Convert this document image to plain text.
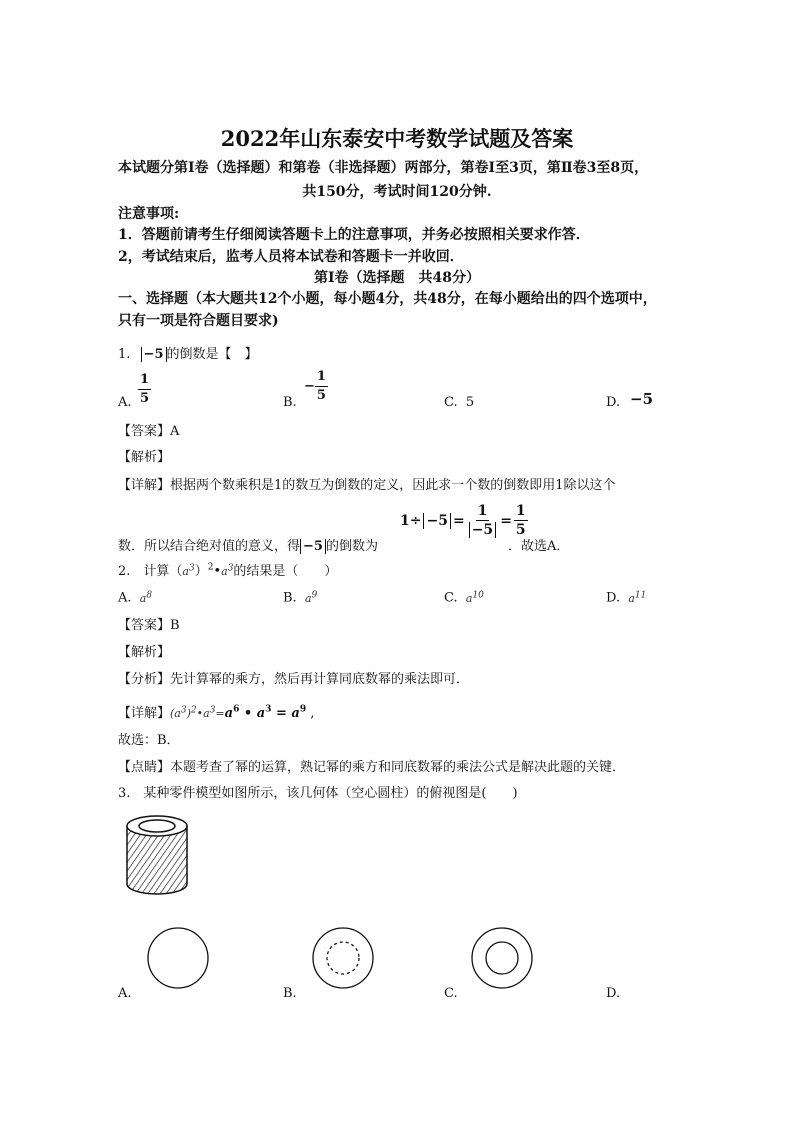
2022年山东泰安中考数学试题及答案
本试题分第Ⅰ卷（选择题）和第卷（非选择题）两部分，第卷Ⅰ至3页，第Ⅱ卷3至8页，
共150分，考试时间120分钟.
注意事项:
1．答题前请考生仔细阅读答题卡上的注意事项，并务必按照相关要求作答．
2，考试结束后，监考人员将本试卷和答题卡一并收回．
第Ⅰ卷（选择题　共48分）
一、选择题（本大题共12个小题，每小题4分，共48分，在每小题给出的四个选项中，
只有一项是符合题目要求)
1. −5 的倒数是【　】
A. $\frac{1}{5}$	B.
− $\frac{1}{5}$	C. 5	D. −5
【答案】A
【解析】
【详解】根据两个数乘积是1的数互为倒数的定义，因此求一个数的倒数即用1除以这个
数．所以结合绝对值的意义，得 −5 的倒数为
$1\div -5 = \frac{1}{-5} = \frac{1}{5}$
．故选A．
2.　计算$(a^3)^2•a^3$的结果是（　　）
A. $a^8$	B. $a^9$	C. $a^{10}$	D. $a^{11}$
【答案】B
【解析】
【分析】先计算幂的乘方，然后再计算同底数幂的乘法即可．
【详解】$(a^3)^2•a^3=a^6$ • $a^3 = a^9$ ,
故选：B．
【点睛】本题考查了幂的运算，熟记幂的乘方和同底数幂的乘法公式是解决此题的关键．
3.　某种零件模型如图所示，该几何体（空心圆柱）的俯视图是(　　)
A.	B.	C.	D.
